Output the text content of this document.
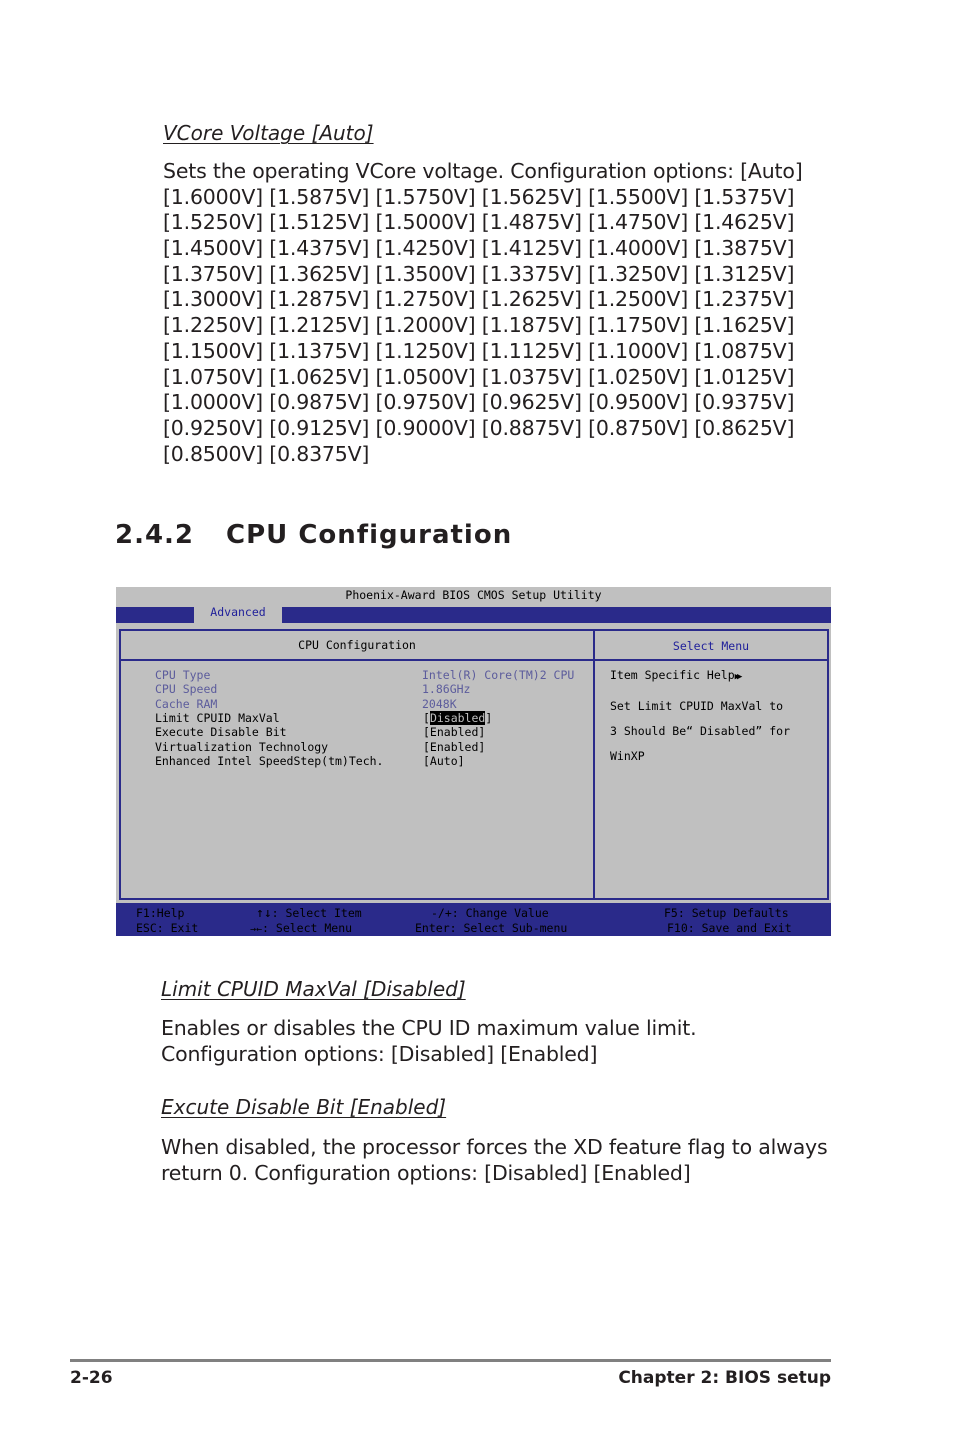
VCore Voltage [Auto]
Sets the operating VCore voltage. Configuration options: [Auto]
[1.6000V] [1.5875V] [1.5750V] [1.5625V] [1.5500V] [1.5375V]
[1.5250V] [1.5125V] [1.5000V] [1.4875V] [1.4750V] [1.4625V]
[1.4500V] [1.4375V] [1.4250V] [1.4125V] [1.4000V] [1.3875V]
[1.3750V] [1.3625V] [1.3500V] [1.3375V] [1.3250V] [1.3125V]
[1.3000V] [1.2875V] [1.2750V] [1.2625V] [1.2500V] [1.2375V]
[1.2250V] [1.2125V] [1.2000V] [1.1875V] [1.1750V] [1.1625V]
[1.1500V] [1.1375V] [1.1250V] [1.1125V] [1.1000V] [1.0875V]
[1.0750V] [1.0625V] [1.0500V] [1.0375V] [1.0250V] [1.0125V]
[1.0000V] [0.9875V] [0.9750V] [0.9625V] [0.9500V] [0.9375V]
[0.9250V] [0.9125V] [0.9000V] [0.8875V] [0.8750V] [0.8625V]
[0.8500V] [0.8375V]
2.4.2 CPU Configuration
Phoenix-Award BIOS CMOS Setup Utility
Advanced
CPU Configuration	Select Menu
CPU Type	Intel(R) Core(TM)2 CPU
CPU Speed	1.86GHz
Cache RAM	2048K
Limit CPUID MaxVal	[Disabled]
Execute Disable Bit	[Enabled]
Virtualization Technology	[Enabled]
Enhanced Intel SpeedStep(tm)Tech.	[Auto]
Item Specific Help▶▶
Set Limit CPUID MaxVal to
3 Should Be“ Disabled” for
WinXP
F1:Help	↑↓: Select Item	-/+: Change Value	F5: Setup Defaults
ESC: Exit	→←: Select Menu	Enter: Select Sub-menu	F10: Save and Exit
Limit CPUID MaxVal [Disabled]
Enables or disables the CPU ID maximum value limit.
Configuration options: [Disabled] [Enabled]
Excute Disable Bit [Enabled]
When disabled, the processor forces the XD feature flag to always
return 0. Configuration options: [Disabled] [Enabled]
2-26	Chapter 2: BIOS setup
